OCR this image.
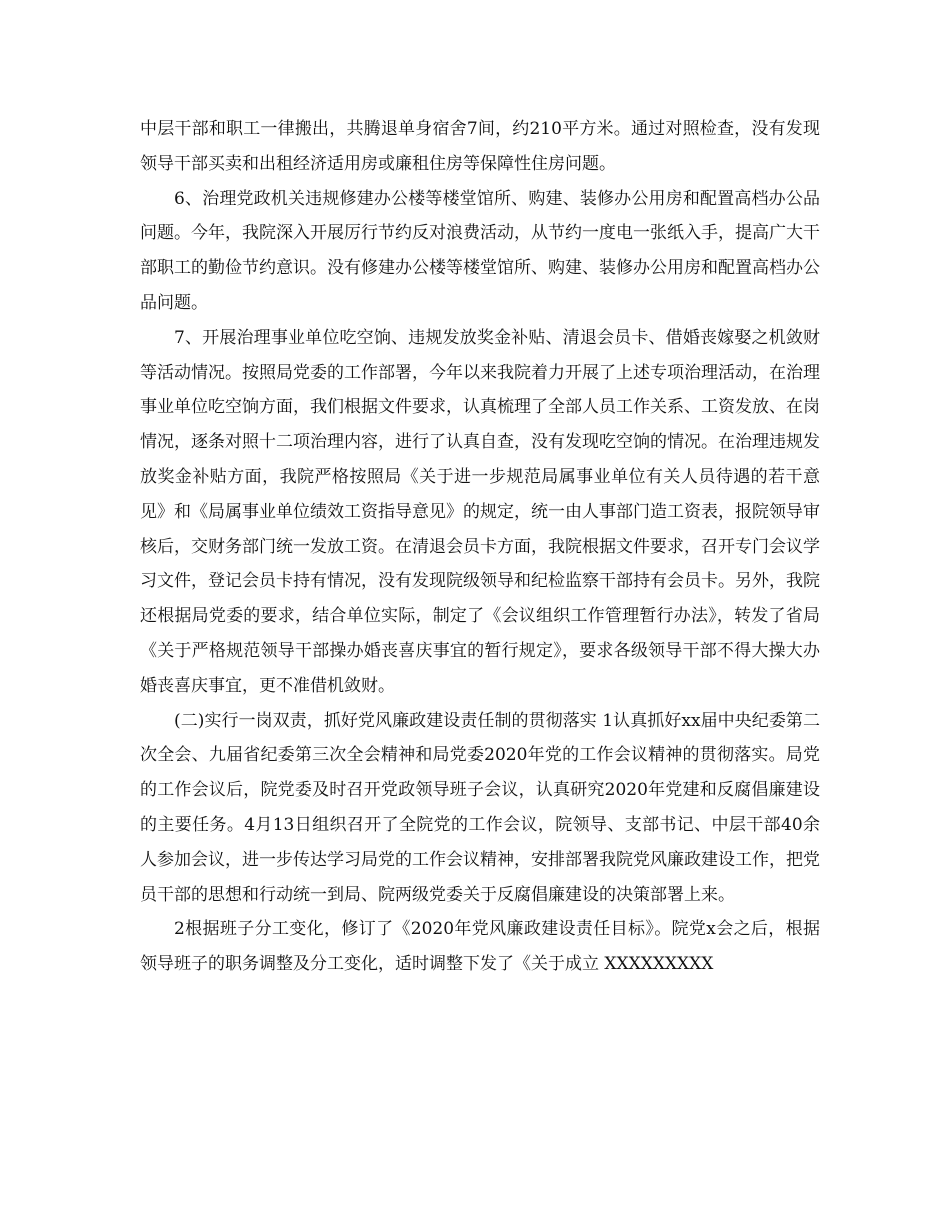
中层干部和职工一律搬出，共腾退单身宿舍7间，约210平方米。通过对照检查，没有发现领导干部买卖和出租经济适用房或廉租住房等保障性住房问题。

6、治理党政机关违规修建办公楼等楼堂馆所、购建、装修办公用房和配置高档办公品问题。今年，我院深入开展厉行节约反对浪费活动，从节约一度电一张纸入手，提高广大干部职工的勤俭节约意识。没有修建办公楼等楼堂馆所、购建、装修办公用房和配置高档办公品问题。

7、开展治理事业单位吃空饷、违规发放奖金补贴、清退会员卡、借婚丧嫁娶之机敛财等活动情况。按照局党委的工作部署，今年以来我院着力开展了上述专项治理活动，在治理事业单位吃空饷方面，我们根据文件要求，认真梳理了全部人员工作关系、工资发放、在岗情况，逐条对照十二项治理内容，进行了认真自查，没有发现吃空饷的情况。在治理违规发放奖金补贴方面，我院严格按照局《关于进一步规范局属事业单位有关人员待遇的若干意见》和《局属事业单位绩效工资指导意见》的规定，统一由人事部门造工资表，报院领导审核后，交财务部门统一发放工资。在清退会员卡方面，我院根据文件要求，召开专门会议学习文件，登记会员卡持有情况，没有发现院级领导和纪检监察干部持有会员卡。另外，我院还根据局党委的要求，结合单位实际，制定了《会议组织工作管理暂行办法》，转发了省局《关于严格规范领导干部操办婚丧喜庆事宜的暂行规定》，要求各级领导干部不得大操大办婚丧喜庆事宜，更不准借机敛财。

(二)实行一岗双责，抓好党风廉政建设责任制的贯彻落实 1认真抓好xx届中央纪委第二次全会、九届省纪委第三次全会精神和局党委2020年党的工作会议精神的贯彻落实。局党的工作会议后，院党委及时召开党政领导班子会议，认真研究2020年党建和反腐倡廉建设的主要任务。4月13日组织召开了全院党的工作会议，院领导、支部书记、中层干部40余人参加会议，进一步传达学习局党的工作会议精神，安排部署我院党风廉政建设工作，把党员干部的思想和行动统一到局、院两级党委关于反腐倡廉建设的决策部署上来。

2根据班子分工变化，修订了《2020年党风廉政建设责任目标》。院党x会之后，根据领导班子的职务调整及分工变化，适时调整下发了《关于成立 XXXXXXXXX
